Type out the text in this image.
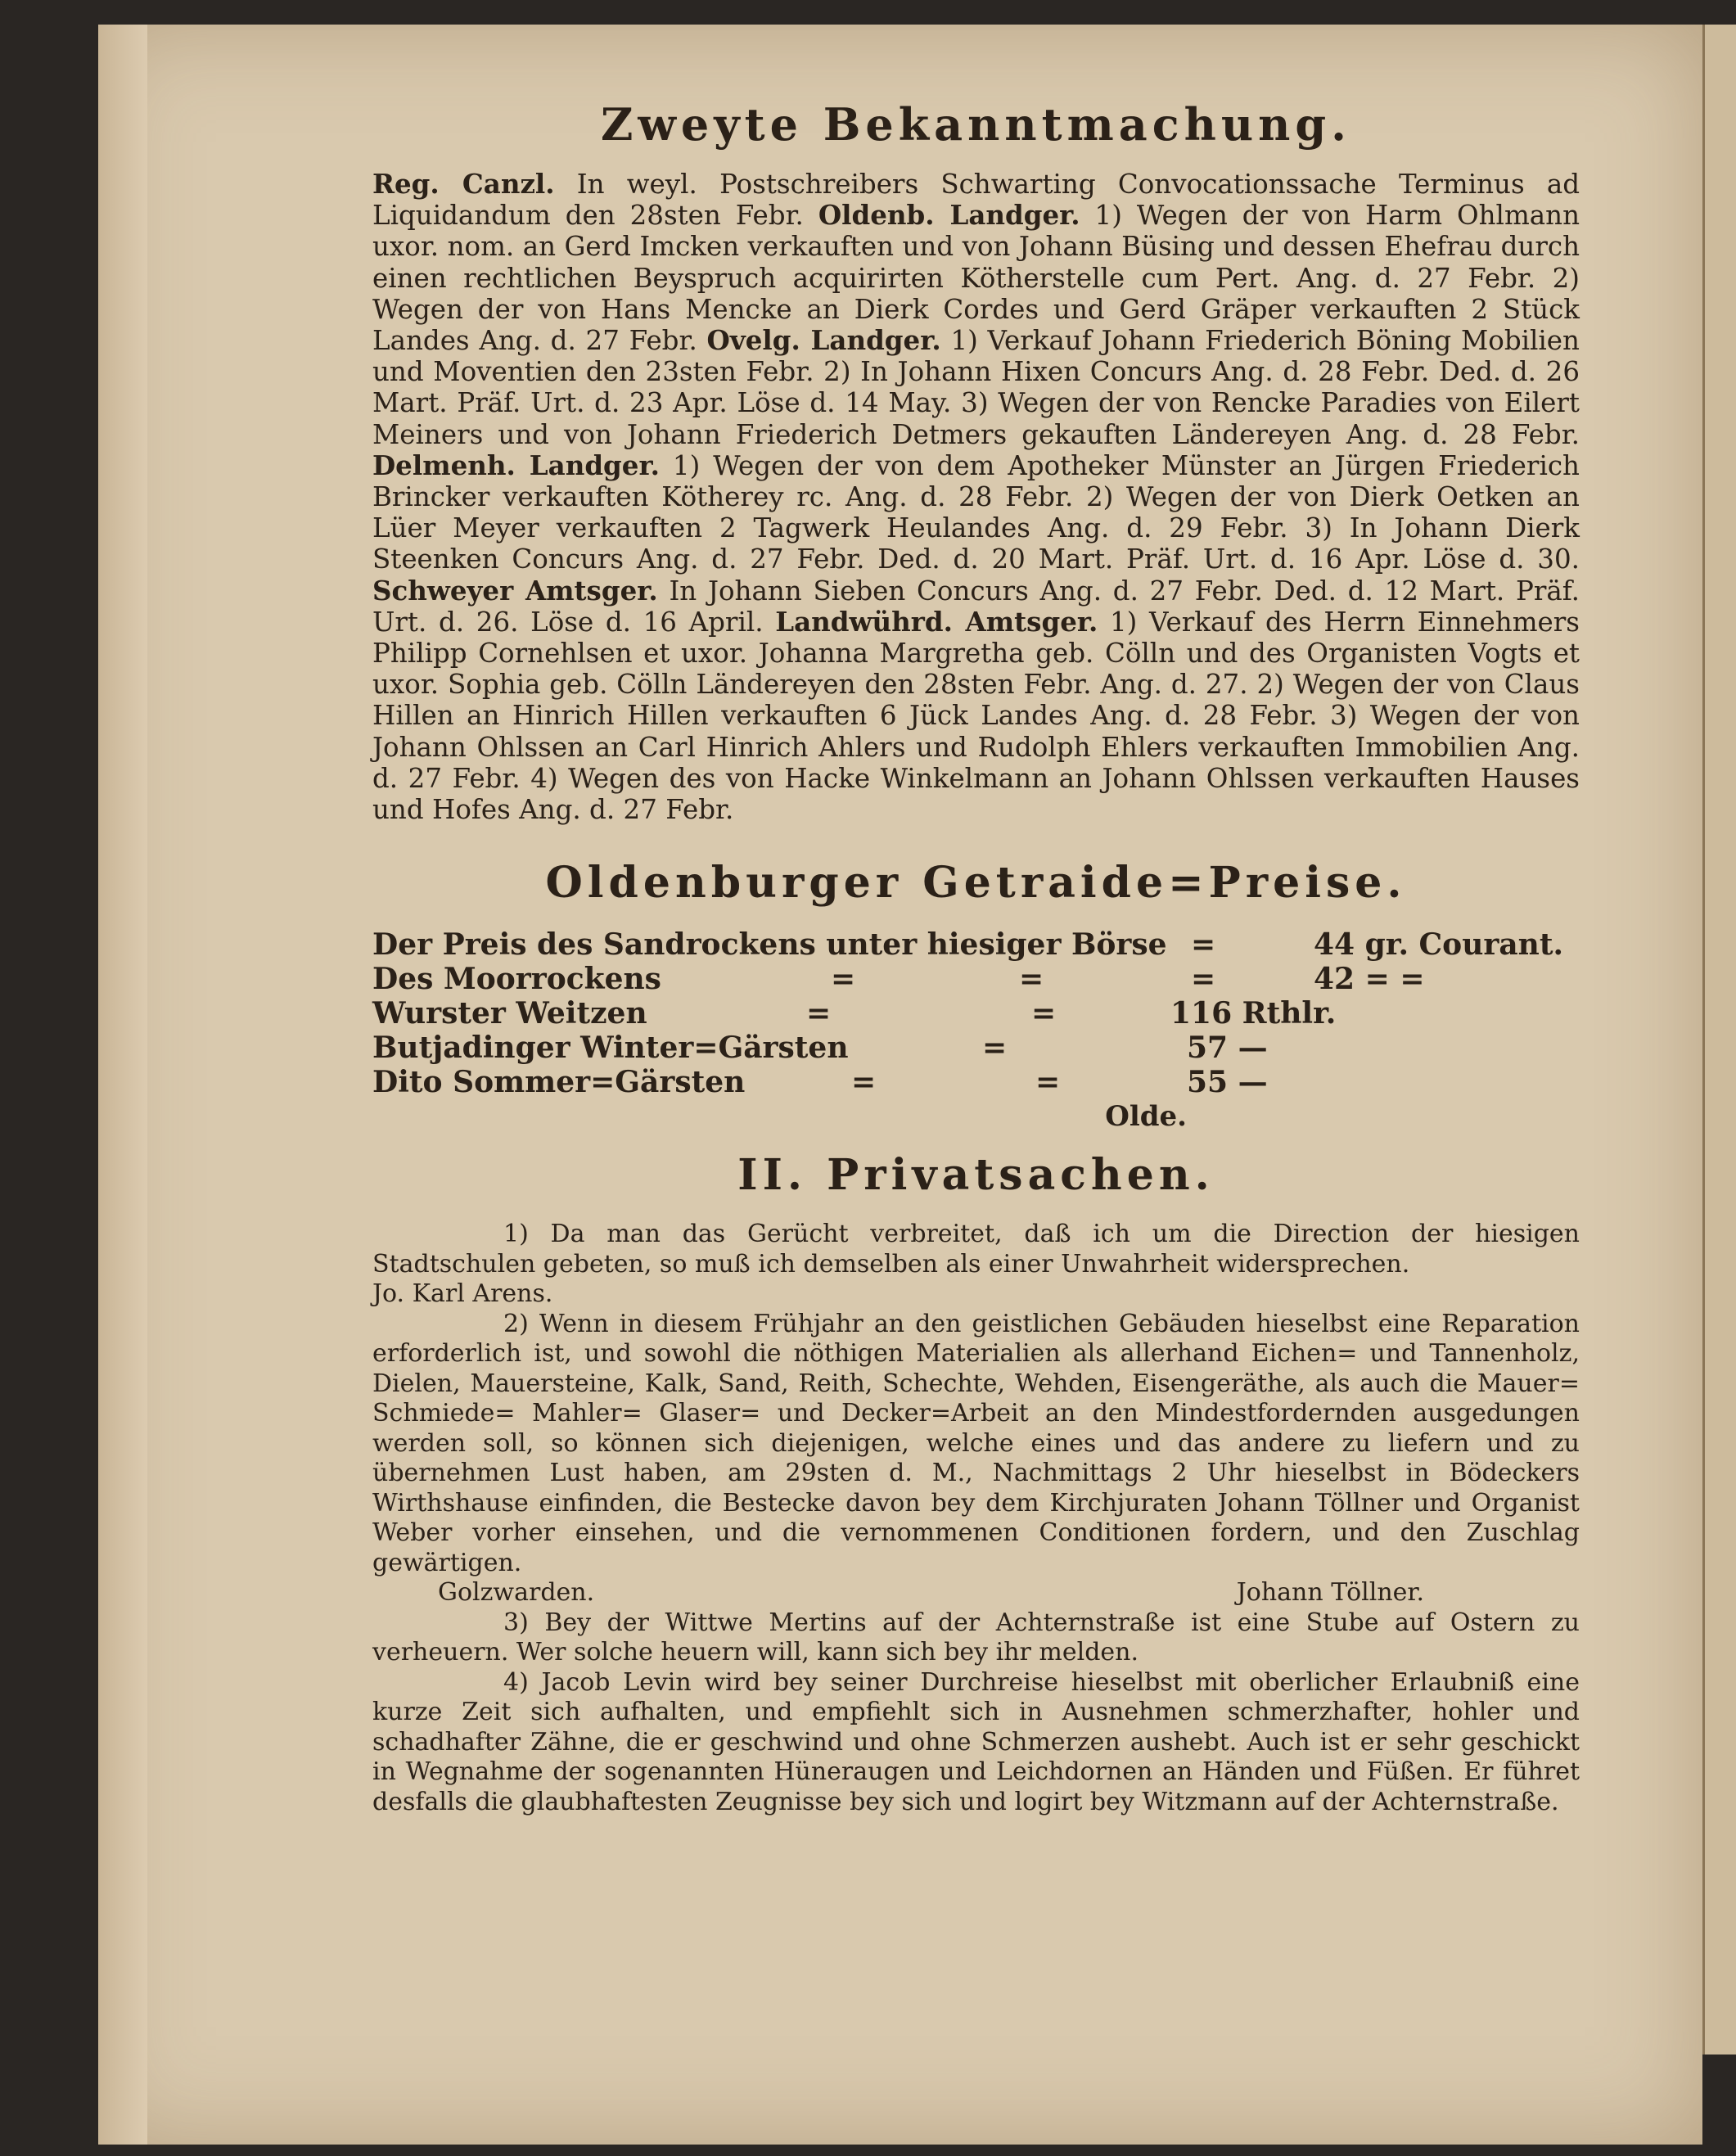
Zweyte Bekanntmachung.

Reg. Canzl. In weyl. Postschreibers Schwarting Convocationssache Terminus ad Liquidandum den 28sten Febr. Oldenb. Landger. 1) Wegen der von Harm Ohlmann uxor. nom. an Gerd Imcken verkauften und von Johann Büsing und dessen Ehefrau durch einen rechtlichen Beyspruch acquirirten Kötherstelle cum Pert. Ang. d. 27 Febr. 2) Wegen der von Hans Mencke an Dierk Cordes und Gerd Gräper verkauften 2 Stück Landes Ang. d. 27 Febr. Ovelg. Landger. 1) Verkauf Johann Friederich Böning Mobilien und Moventien den 23sten Febr. 2) In Johann Hixen Concurs Ang. d. 28 Febr. Ded. d. 26 Mart. Präf. Urt. d. 23 Apr. Löse d. 14 May. 3) Wegen der von Rencke Paradies von Eilert Meiners und von Johann Friederich Detmers gekauften Ländereyen Ang. d. 28 Febr. Delmenh. Landger. 1) Wegen der von dem Apotheker Münster an Jürgen Friederich Brincker verkauften Kötherey rc. Ang. d. 28 Febr. 2) Wegen der von Dierk Oetken an Lüer Meyer verkauften 2 Tagwerk Heulandes Ang. d. 29 Febr. 3) In Johann Dierk Steenken Concurs Ang. d. 27 Febr. Ded. d. 20 Mart. Präf. Urt. d. 16 Apr. Löse d. 30. Schweyer Amtsger. In Johann Sieben Concurs Ang. d. 27 Febr. Ded. d. 12 Mart. Präf. Urt. d. 26. Löse d. 16 April. Landwührd. Amtsger. 1) Verkauf des Herrn Einnehmers Philipp Cornehlsen et uxor. Johanna Margretha geb. Cölln und des Organisten Vogts et uxor. Sophia geb. Cölln Ländereyen den 28sten Febr. Ang. d. 27. 2) Wegen der von Claus Hillen an Hinrich Hillen verkauften 6 Jück Landes Ang. d. 28 Febr. 3) Wegen der von Johann Ohlssen an Carl Hinrich Ahlers und Rudolph Ehlers verkauften Immobilien Ang. d. 27 Febr. 4) Wegen des von Hacke Winkelmann an Johann Ohlssen verkauften Hauses und Hofes Ang. d. 27 Febr.

Oldenburger Getraide=Preise.
Der Preis des Sandrockens unter hiesiger Börse =	44 gr. Courant.
Des Moorrockens	=	=	=	42 = =
Wurster Weitzen	=	=	116 Rthlr.
Butjadinger Winter=Gärsten	=	57 —
Dito Sommer=Gärsten	=	=	55 —
Olde.
II. Privatsachen.

1) Da man das Gerücht verbreitet, daß ich um die Direction der hiesigen Stadtschulen gebeten, so muß ich demselben als einer Unwahrheit widersprechen.

Jo. Karl Arens.

2) Wenn in diesem Frühjahr an den geistlichen Gebäuden hieselbst eine Reparation erforderlich ist, und sowohl die nöthigen Materialien als allerhand Eichen= und Tannenholz, Dielen, Mauersteine, Kalk, Sand, Reith, Schechte, Wehden, Eisengeräthe, als auch die Mauer= Schmiede= Mahler= Glaser= und Decker=Arbeit an den Mindestfordernden ausgedungen werden soll, so können sich diejenigen, welche eines und das andere zu liefern und zu übernehmen Lust haben, am 29sten d. M., Nachmittags 2 Uhr hieselbst in Bödeckers Wirthshause einfinden, die Bestecke davon bey dem Kirchjuraten Johann Töllner und Organist Weber vorher einsehen, und die vernommenen Conditionen fordern, und den Zuschlag gewärtigen.

Golzwarden.	Johann Töllner.

3) Bey der Wittwe Mertins auf der Achternstraße ist eine Stube auf Ostern zu verheuern. Wer solche heuern will, kann sich bey ihr melden.

4) Jacob Levin wird bey seiner Durchreise hieselbst mit oberlicher Erlaubniß eine kurze Zeit sich aufhalten, und empfiehlt sich in Ausnehmen schmerzhafter, hohler und schadhafter Zähne, die er geschwind und ohne Schmerzen aushebt. Auch ist er sehr geschickt in Wegnahme der sogenannten Hüneraugen und Leichdornen an Händen und Füßen. Er führet desfalls die glaubhaftesten Zeugnisse bey sich und logirt bey Witzmann auf der Achternstraße.
